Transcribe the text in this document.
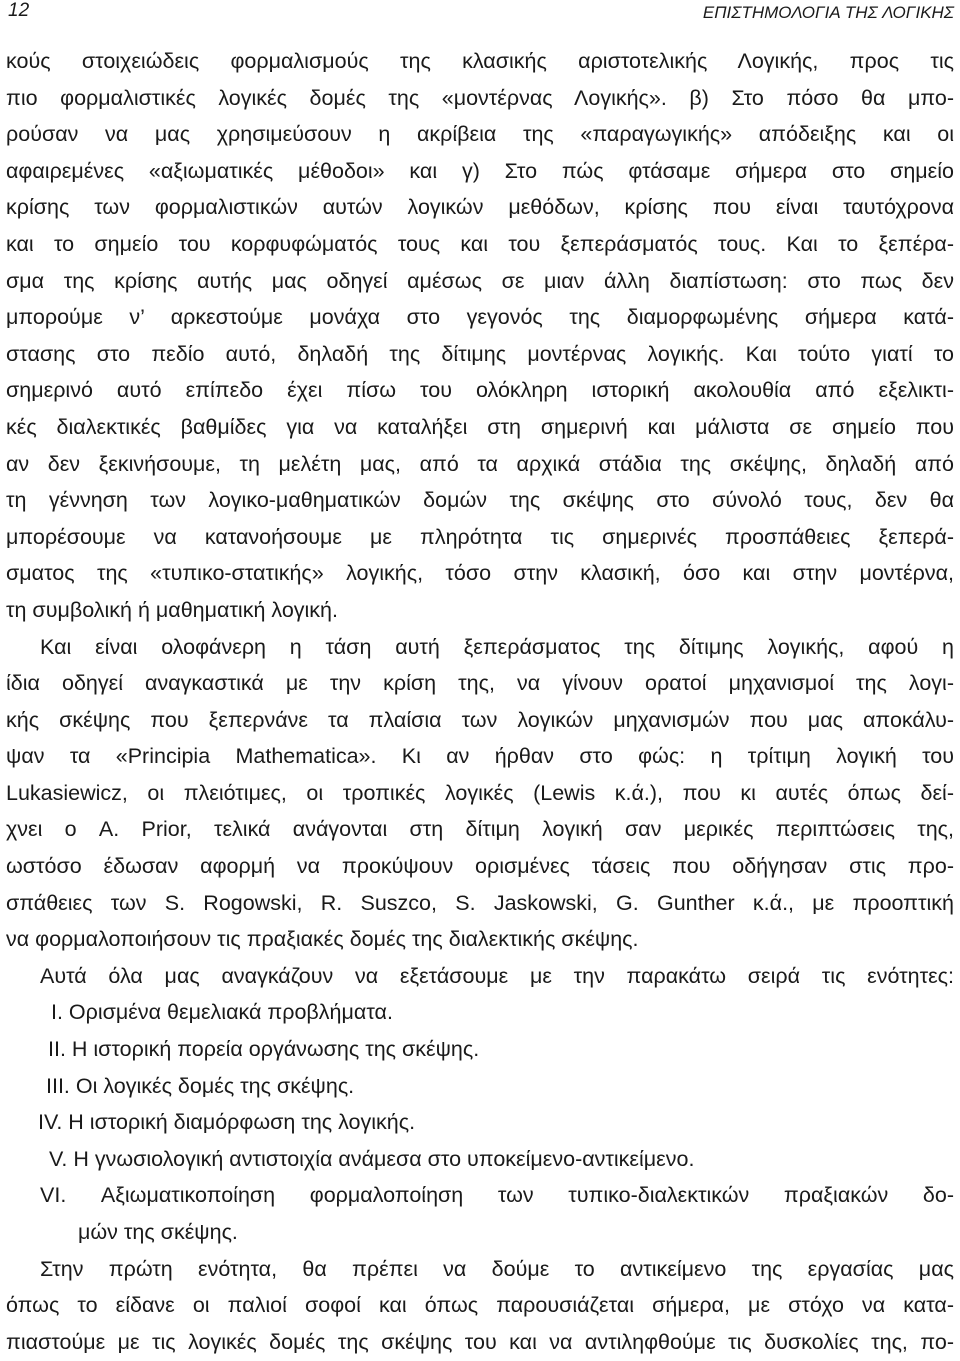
12	ΕΠΙΣΤΗΜΟΛΟΓΙΑ ΤΗΣ ΛΟΓΙΚΗΣ
κούς στοιχειώδεις φορμαλισμούς της κλασικής αριστοτελικής Λογικής, προς τις
πιο φορμαλιστικές λογικές δομές της «μοντέρνας Λογικής». β) Στο πόσο θα μπο-
ρούσαν να μας χρησιμεύσουν η ακρίβεια της «παραγωγικής» απόδειξης και οι
αφαιρεμένες «αξιωματικές μέθοδοι» και γ) Στο πώς φτάσαμε σήμερα στο σημείο
κρίσης των φορμαλιστικών αυτών λογικών μεθόδων, κρίσης που είναι ταυτόχρονα
και το σημείο του κορφυφώματός τους και του ξεπεράσματός τους. Και το ξεπέρα-
σμα της κρίσης αυτής μας οδηγεί αμέσως σε μιαν άλλη διαπίστωση: στο πως δεν
μπορούμε ν’ αρκεστούμε μονάχα στο γεγονός της διαμορφωμένης σήμερα κατά-
στασης στο πεδίο αυτό, δηλαδή της δίτιμης μοντέρνας λογικής. Και τούτο γιατί το
σημερινό αυτό επίπεδο έχει πίσω του ολόκληρη ιστορική ακολουθία από εξελικτι-
κές διαλεκτικές βαθμίδες για να καταλήξει στη σημερινή και μάλιστα σε σημείο που
αν δεν ξεκινήσουμε, τη μελέτη μας, από τα αρχικά στάδια της σκέψης, δηλαδή από
τη γέννηση των λογικο-μαθηματικών δομών της σκέψης στο σύνολό τους, δεν θα
μπορέσουμε να κατανοήσουμε με πληρότητα τις σημερινές προσπάθειες ξεπερά-
σματος της «τυπικο-στατικής» λογικής, τόσο στην κλασική, όσο και στην μοντέρνα,
τη συμβολική ή μαθηματική λογική.
Και είναι ολοφάνερη η τάση αυτή ξεπεράσματος της δίτιμης λογικής, αφού η
ίδια οδηγεί αναγκαστικά με την κρίση της, να γίνουν ορατοί μηχανισμοί της λογι-
κής σκέψης που ξεπερνάνε τα πλαίσια των λογικών μηχανισμών που μας αποκάλυ-
ψαν τα «Principia Mathematica». Κι αν ήρθαν στο φώς: η τρίτιμη λογική του
Lukasiewicz, οι πλειότιμες, οι τροπικές λογικές (Lewis κ.ά.), που κι αυτές όπως δεί-
χνει ο A. Prior, τελικά ανάγονται στη δίτιμη λογική σαν μερικές περιπτώσεις της,
ωστόσο έδωσαν αφορμή να προκύψουν ορισμένες τάσεις που οδήγησαν στις προ-
σπάθειες των S. Rogowski, R. Suszco, S. Jaskowski, G. Gunther κ.ά., με προοπτική
να φορμαλοποιήσουν τις πραξιακές δομές της διαλεκτικής σκέψης.
Αυτά όλα μας αναγκάζουν να εξετάσουμε με την παρακάτω σειρά τις ενότητες:
I. Ορισμένα θεμελιακά προβλήματα.
II. Η ιστορική πορεία οργάνωσης της σκέψης.
III. Οι λογικές δομές της σκέψης.
IV. Η ιστορική διαμόρφωση της λογικής.
V. Η γνωσιολογική αντιστοιχία ανάμεσα στο υποκείμενο-αντικείμενο.
VI. Αξιωματικοποίηση φορμαλοποίηση των τυπικο-διαλεκτικών πραξιακών δο-
μών της σκέψης.
Στην πρώτη ενότητα, θα πρέπει να δούμε το αντικείμενο της εργασίας μας
όπως το είδανε οι παλιοί σοφοί και όπως παρουσιάζεται σήμερα, με στόχο να κατα-
πιαστούμε με τις λογικές δομές της σκέψης του και να αντιληφθούμε τις δυσκολίες της, πο-
